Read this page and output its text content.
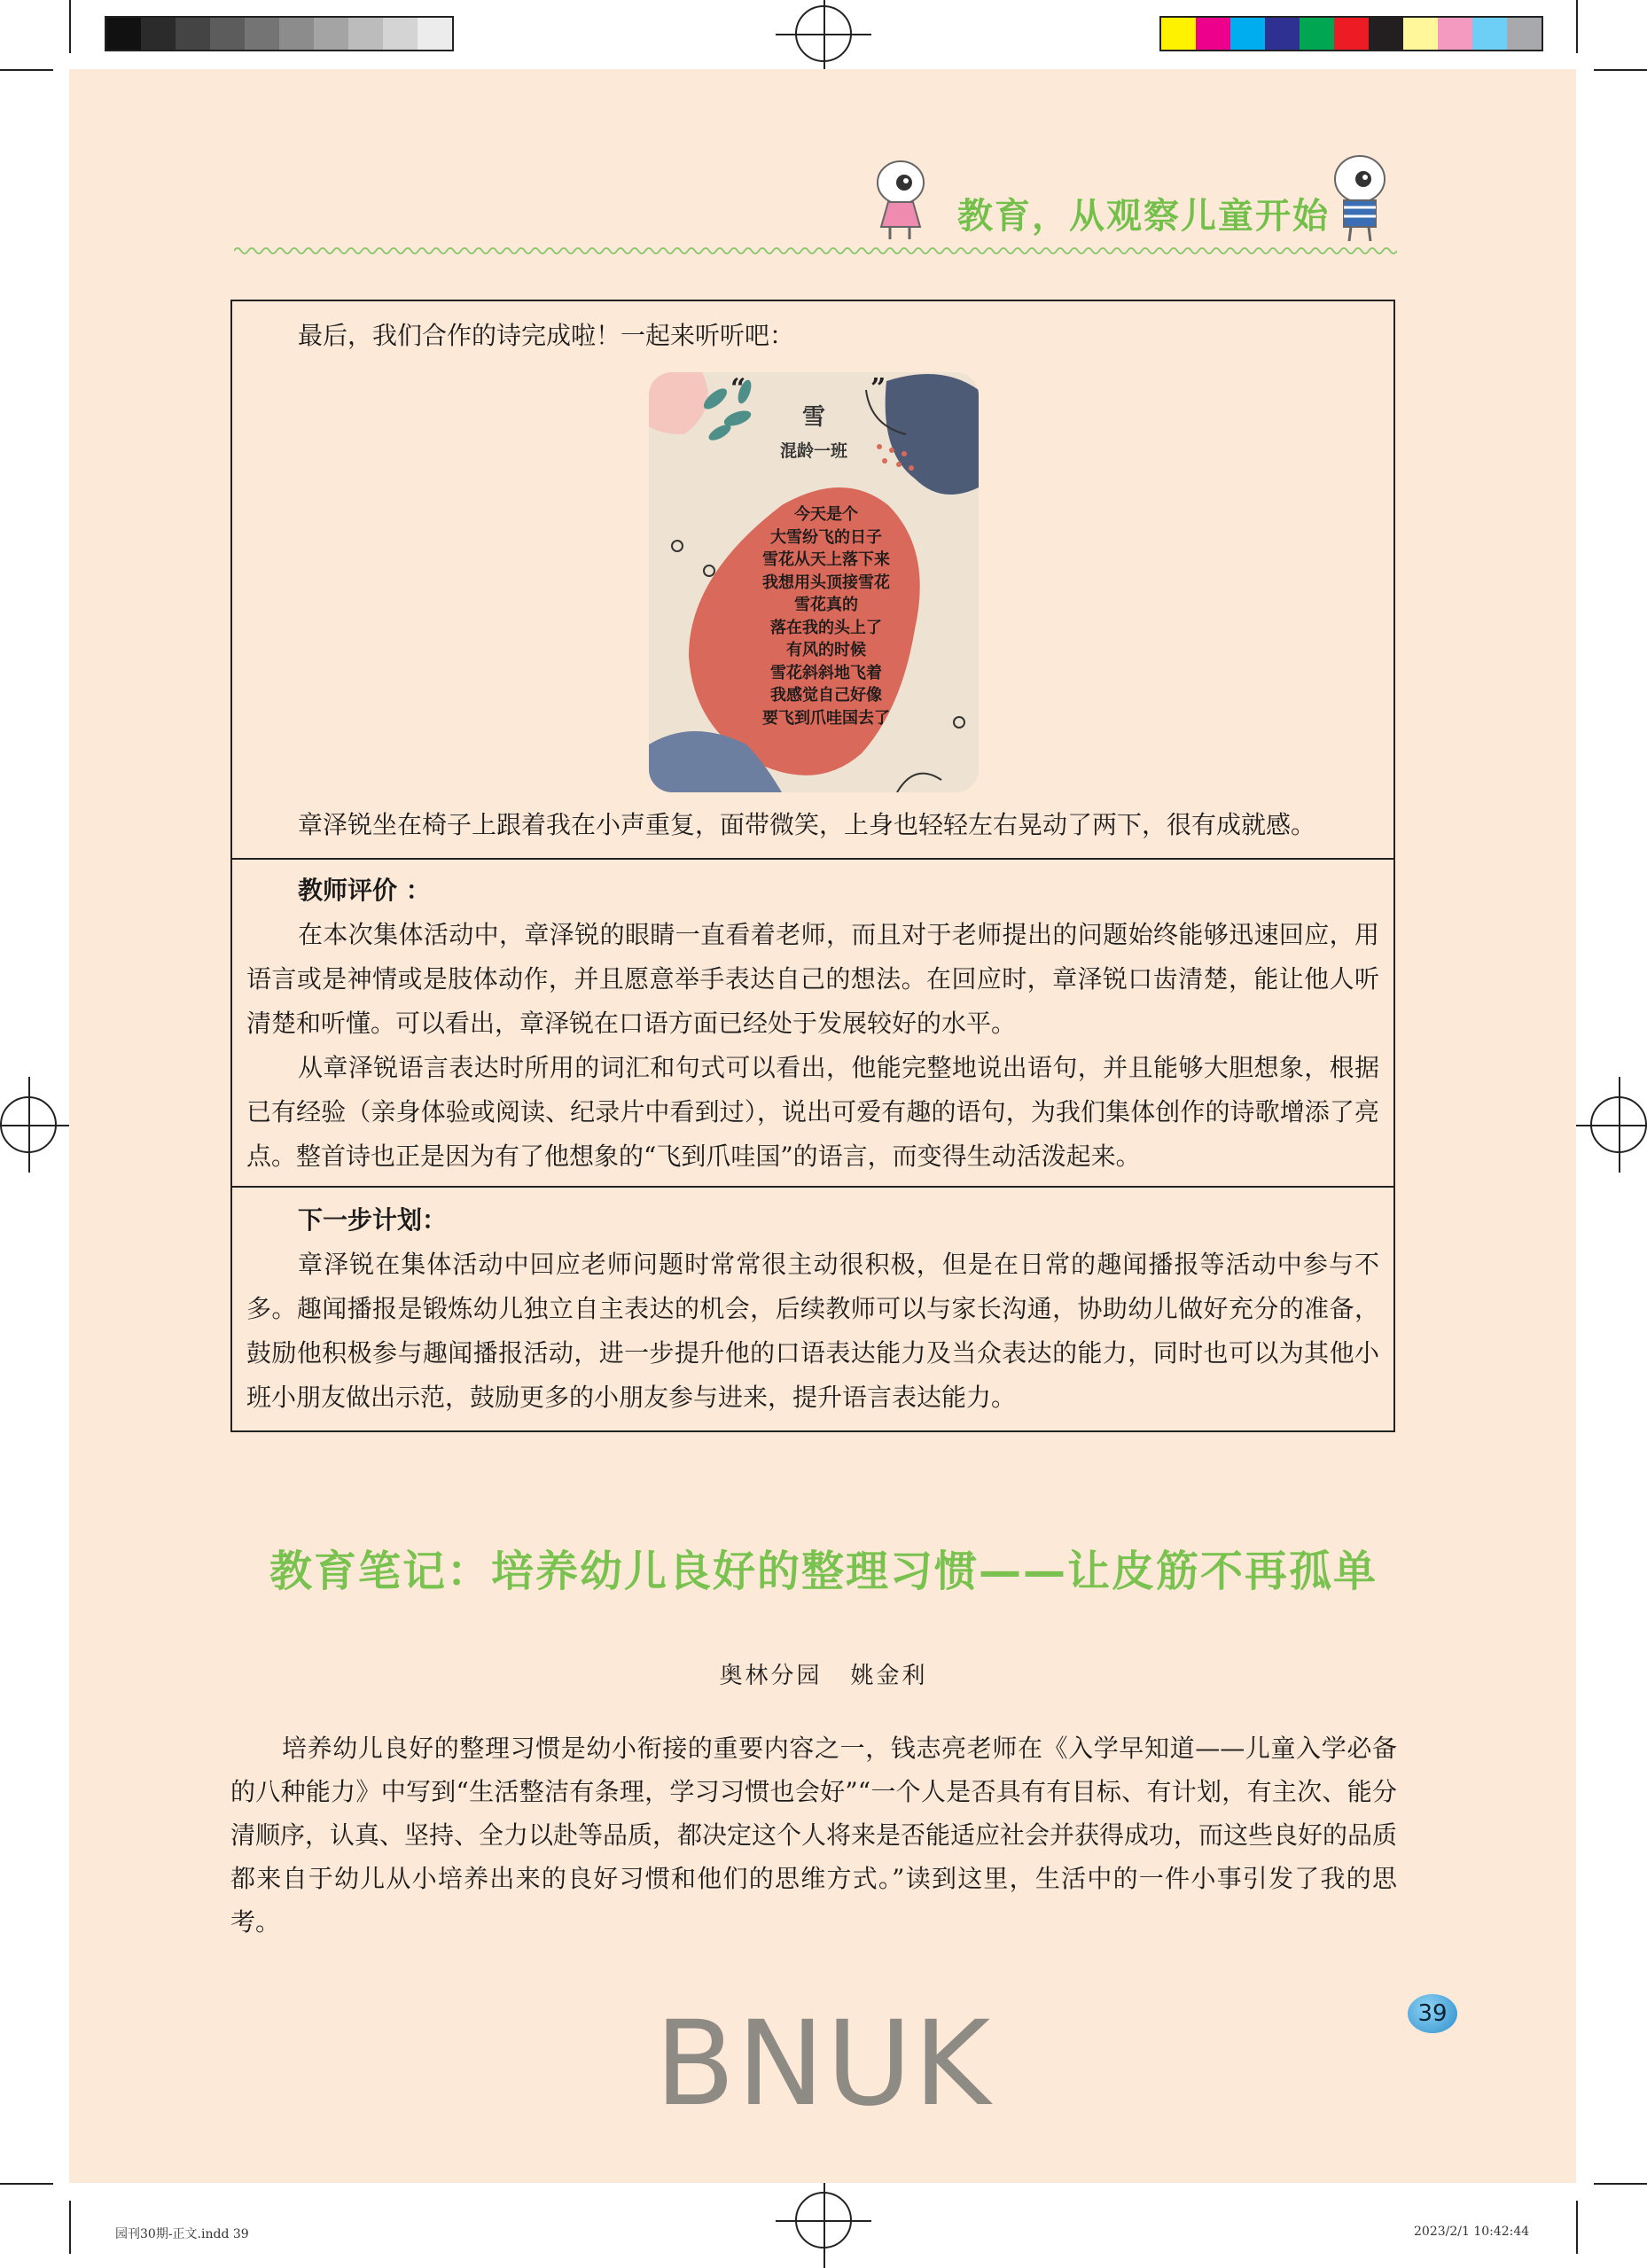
教育，从观察儿童开始
最后，我们合作的诗完成啦！一起来听听吧：
“	”
雪
混龄一班
今天是个
大雪纷飞的日子
雪花从天上落下来
我想用头顶接雪花
雪花真的
落在我的头上了
有风的时候
雪花斜斜地飞着
我感觉自己好像
要飞到爪哇国去了
章泽锐坐在椅子上跟着我在小声重复，面带微笑，上身也轻轻左右晃动了两下，很有成就感。
教师评价 ：
在本次集体活动中，章泽锐的眼睛一直看着老师，而且对于老师提出的问题始终能够迅速回应，用语言或是神情或是肢体动作，并且愿意举手表达自己的想法。在回应时，章泽锐口齿清楚，能让他人听清楚和听懂。可以看出，章泽锐在口语方面已经处于发展较好的水平。
从章泽锐语言表达时所用的词汇和句式可以看出，他能完整地说出语句，并且能够大胆想象，根据已有经验（亲身体验或阅读、纪录片中看到过），说出可爱有趣的语句，为我们集体创作的诗歌增添了亮点。整首诗也正是因为有了他想象的“飞到爪哇国”的语言，而变得生动活泼起来。
下一步计划：
章泽锐在集体活动中回应老师问题时常常很主动很积极，但是在日常的趣闻播报等活动中参与不多。趣闻播报是锻炼幼儿独立自主表达的机会，后续教师可以与家长沟通，协助幼儿做好充分的准备，鼓励他积极参与趣闻播报活动，进一步提升他的口语表达能力及当众表达的能力，同时也可以为其他小班小朋友做出示范，鼓励更多的小朋友参与进来，提升语言表达能力。
教育笔记：培养幼儿良好的整理习惯——让皮筋不再孤单
奥林分园 姚金利
培养幼儿良好的整理习惯是幼小衔接的重要内容之一，钱志亮老师在《入学早知道——儿童入学必备的八种能力》中写到“生活整洁有条理，学习习惯也会好”“一个人是否具有有目标、有计划，有主次、能分清顺序，认真、坚持、全力以赴等品质，都决定这个人将来是否能适应社会并获得成功，而这些良好的品质都来自于幼儿从小培养出来的良好习惯和他们的思维方式。”读到这里，生活中的一件小事引发了我的思考。
39
BNUK
园刊30期-正文.indd 39	2023/2/1 10:42:44
